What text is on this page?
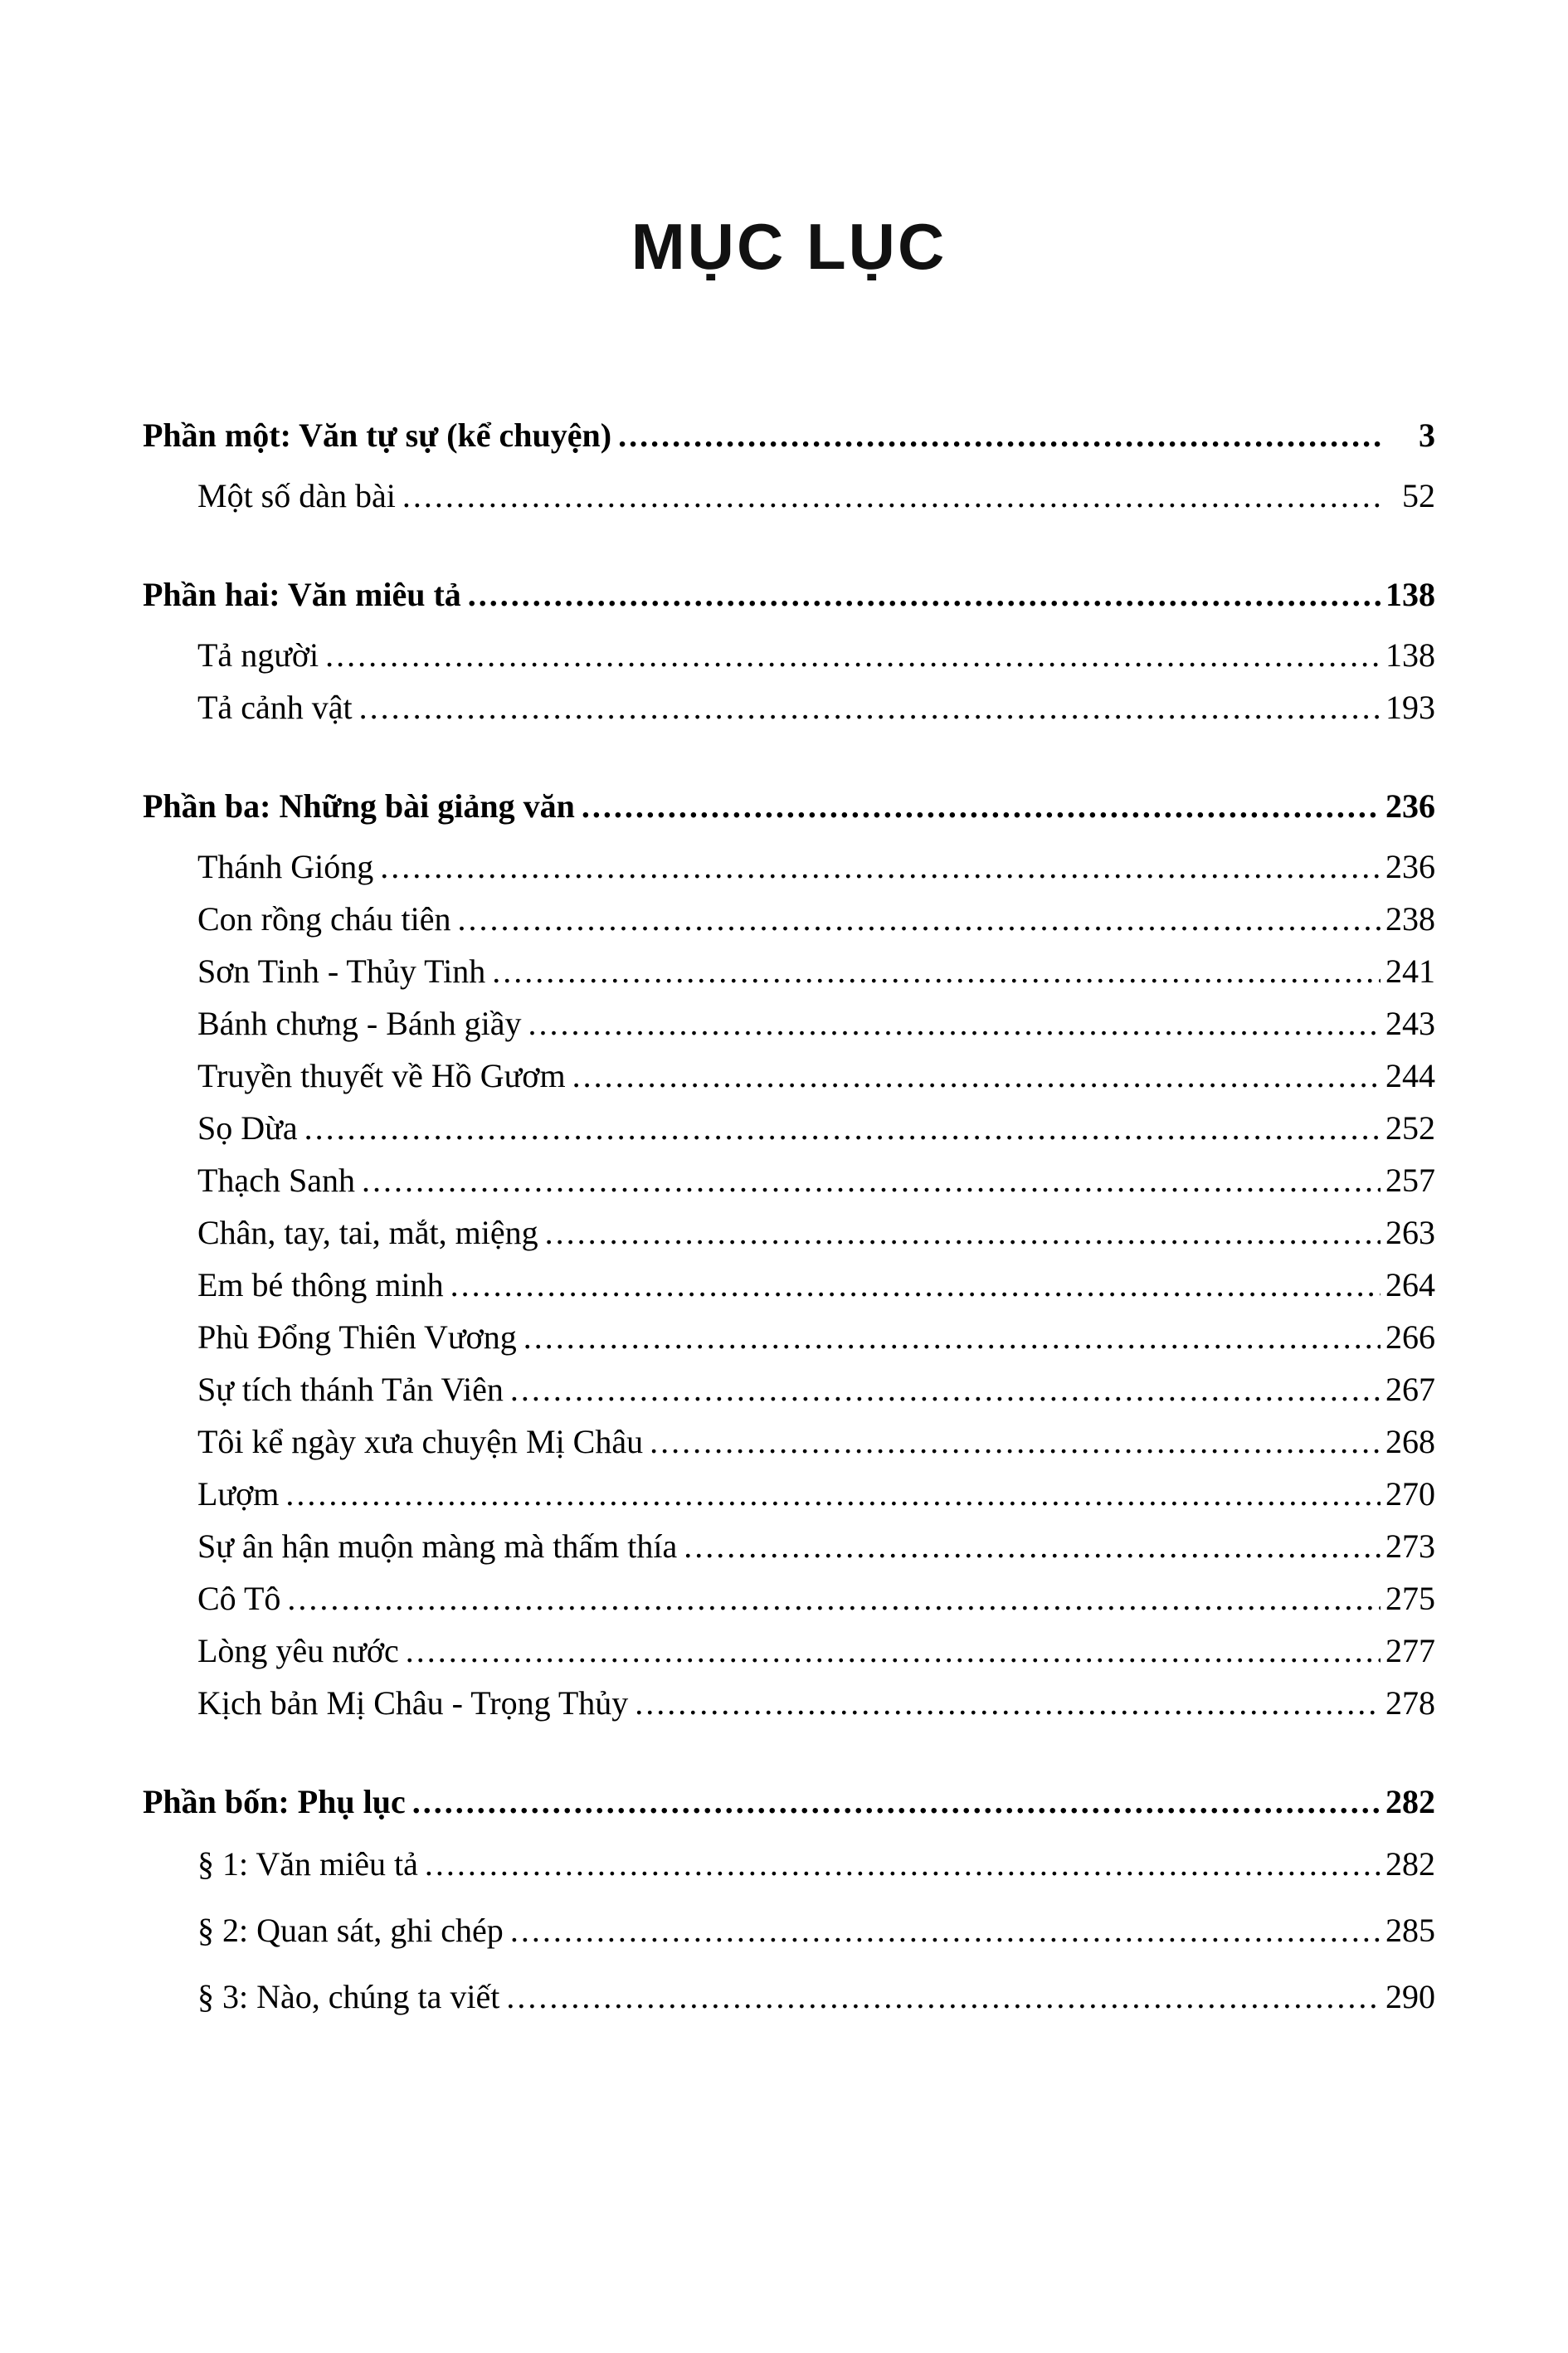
MỤC LỤC
Phần một: Văn tự sự (kể chuyện) .....	3
Một số dàn bài .....	52
Phần hai: Văn miêu tả .....	138
Tả người .....	138
Tả cảnh vật .....	193
Phần ba: Những bài giảng văn .....	236
Thánh Gióng .....	236
Con rồng cháu tiên .....	238
Sơn Tinh - Thủy Tinh .....	241
Bánh chưng - Bánh giầy .....	243
Truyền thuyết về Hồ Gươm .....	244
Sọ Dừa .....	252
Thạch Sanh .....	257
Chân, tay, tai, mắt, miệng .....	263
Em bé thông minh .....	264
Phù Đổng Thiên Vương .....	266
Sự tích thánh Tản Viên .....	267
Tôi kể ngày xưa chuyện Mị Châu .....	268
Lượm .....	270
Sự ân hận muộn màng mà thấm thía .....	273
Cô Tô .....	275
Lòng yêu nước .....	277
Kịch bản Mị Châu - Trọng Thủy .....	278
Phần bốn: Phụ lục .....	282
§ 1: Văn miêu tả .....	282
§ 2: Quan sát, ghi chép .....	285
§ 3: Nào, chúng ta viết .....	290
